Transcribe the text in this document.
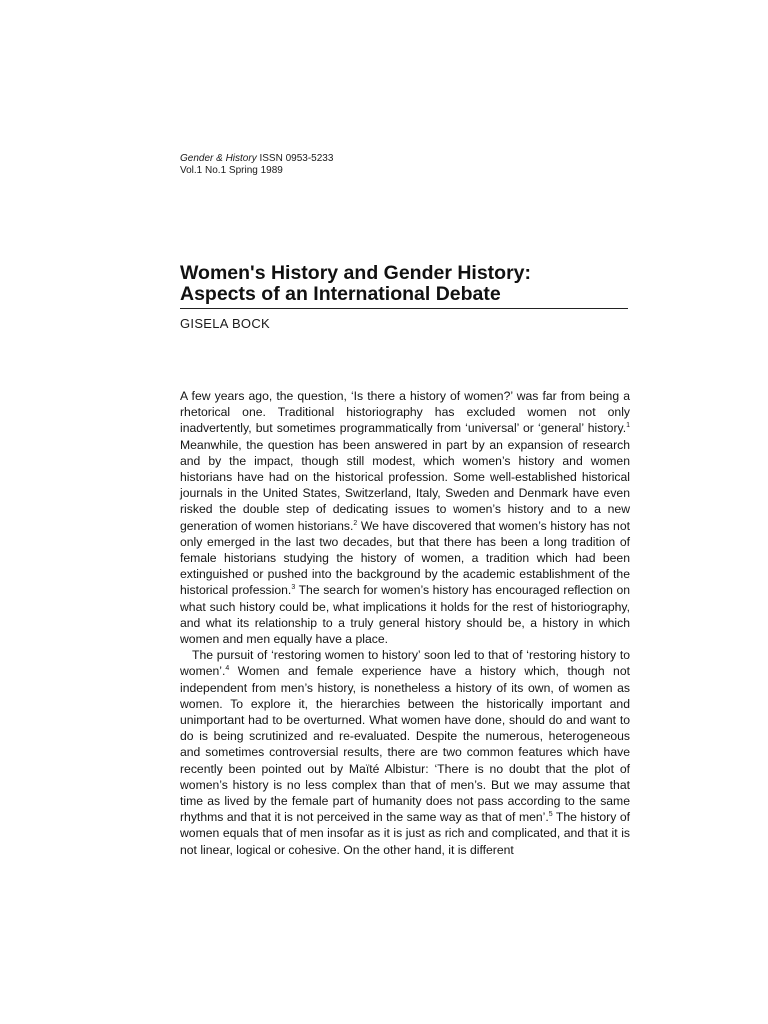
Gender & History ISSN 0953-5233
Vol.1 No.1 Spring 1989
Women's History and Gender History:
Aspects of an International Debate
GISELA BOCK

A few years ago, the question, ‘Is there a history of women?’ was far from being a rhetorical one. Traditional historiography has excluded women not only inadvertently, but sometimes programmatically from ‘universal’ or ‘general’ history.$^1$ Meanwhile, the question has been answered in part by an expansion of research and by the impact, though still modest, which women’s history and women historians have had on the historical profession. Some well-established historical journals in the United States, Switzerland, Italy, Sweden and Denmark have even risked the double step of dedicating issues to women’s history and to a new generation of women historians.$^2$ We have discovered that women’s history has not only emerged in the last two decades, but that there has been a long tradition of female historians studying the history of women, a tradition which had been extinguished or pushed into the background by the academic establishment of the historical profession.$^3$ The search for women’s history has encouraged reflection on what such history could be, what implications it holds for the rest of historiography, and what its relationship to a truly general history should be, a history in which women and men equally have a place.

The pursuit of ‘restoring women to history’ soon led to that of ‘restoring history to women’.$^4$ Women and female experience have a history which, though not independent from men’s history, is nonetheless a history of its own, of women as women. To explore it, the hierarchies between the historically important and unimportant had to be overturned. What women have done, should do and want to do is being scrutinized and re-evaluated. Despite the numerous, heterogeneous and sometimes controversial results, there are two common features which have recently been pointed out by Maïté Albistur: ‘There is no doubt that the plot of women’s history is no less complex than that of men’s. But we may assume that time as lived by the female part of humanity does not pass according to the same rhythms and that it is not perceived in the same way as that of men’.$^5$ The history of women equals that of men insofar as it is just as rich and complicated, and that it is not linear, logical or cohesive. On the other hand, it is different
